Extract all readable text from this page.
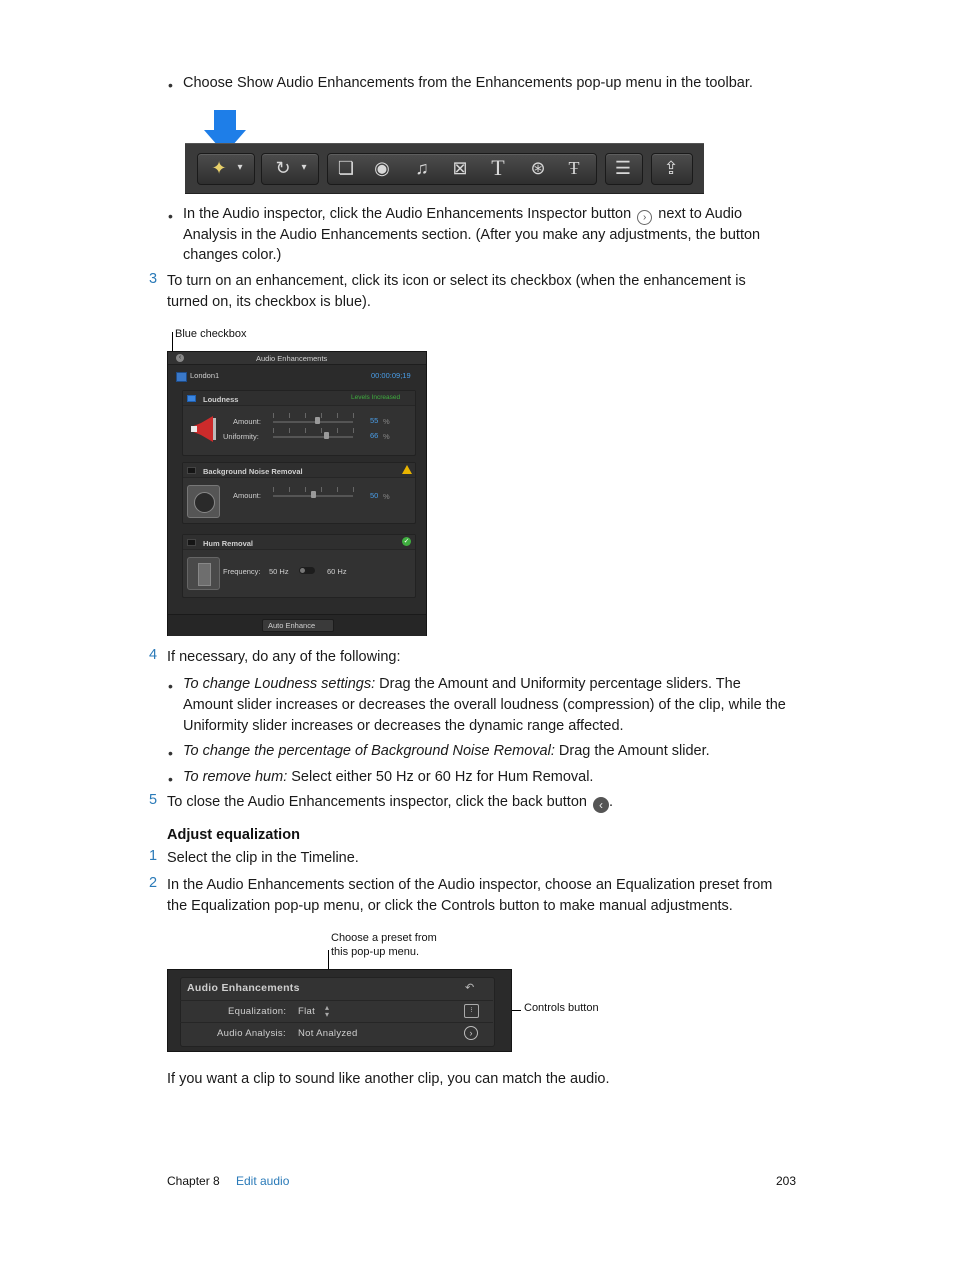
• Choose Show Audio Enhancements from the Enhancements pop-up menu in the toolbar.
✦	▾	↻	▾	❏	◉	♫	⊠	T	⊛	Ŧ	☰	⇪
• In the Audio inspector, click the Audio Enhancements Inspector button › next to Audio
Analysis in the Audio Enhancements section. (After you make any adjustments, the button
changes color.)
3 To turn on an enhancement, click its icon or select its checkbox (when the enhancement is
turned on, its checkbox is blue).
Blue checkbox
‹	Audio Enhancements
London1	00:00:09;19
Loudness	Levels Increased
Amount:	55 %
Uniformity:	66 %
Background Noise Removal
Amount:	50 %
Hum Removal	✓
Frequency: 50 Hz	60 Hz
Auto Enhance
4 If necessary, do any of the following:
• To change Loudness settings: Drag the Amount and Uniformity percentage sliders. The
Amount slider increases or decreases the overall loudness (compression) of the clip, while the
Uniformity slider increases or decreases the dynamic range affected.
• To change the percentage of Background Noise Removal: Drag the Amount slider.
• To remove hum: Select either 50 Hz or 60 Hz for Hum Removal.
5 To close the Audio Enhancements inspector, click the back button ‹ .
Adjust equalization
1 Select the clip in the Timeline.
2 In the Audio Enhancements section of the Audio inspector, choose an Equalization preset from
the Equalization pop-up menu, or click the Controls button to make manual adjustments.
Choose a preset from
this pop-up menu.
Controls button
Audio Enhancements	↶
Equalization: Flat ▴
▾	⁝
Audio Analysis: Not Analyzed	›
If you want a clip to sound like another clip, you can match the audio.
Chapter 8 Edit audio	203
